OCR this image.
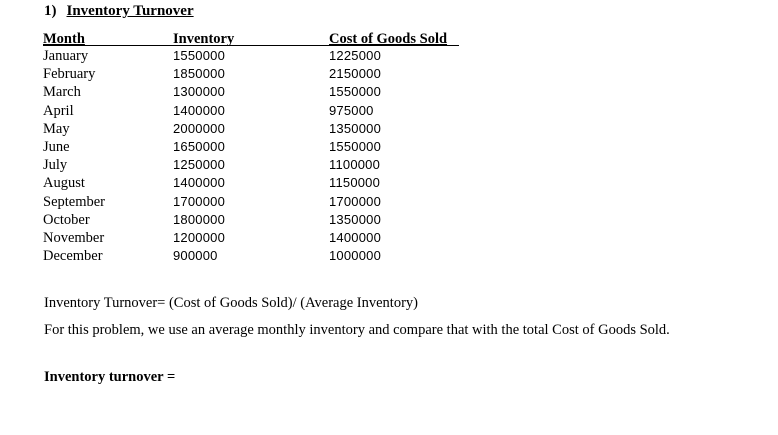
1) Inventory Turnover
Month	Inventory	Cost of Goods Sold
January
February
March
April
May
June
July
August
September
October
November
December
1550000
1850000
1300000
1400000
2000000
1650000
1250000
1400000
1700000
1800000
1200000
900000
1225000
2150000
1550000
975000
1350000
1550000
1100000
1150000
1700000
1350000
1400000
1000000
Inventory Turnover= (Cost of Goods Sold)/ (Average Inventory)
For this problem, we use an average monthly inventory and compare that with the total Cost of Goods Sold.
Inventory turnover =
